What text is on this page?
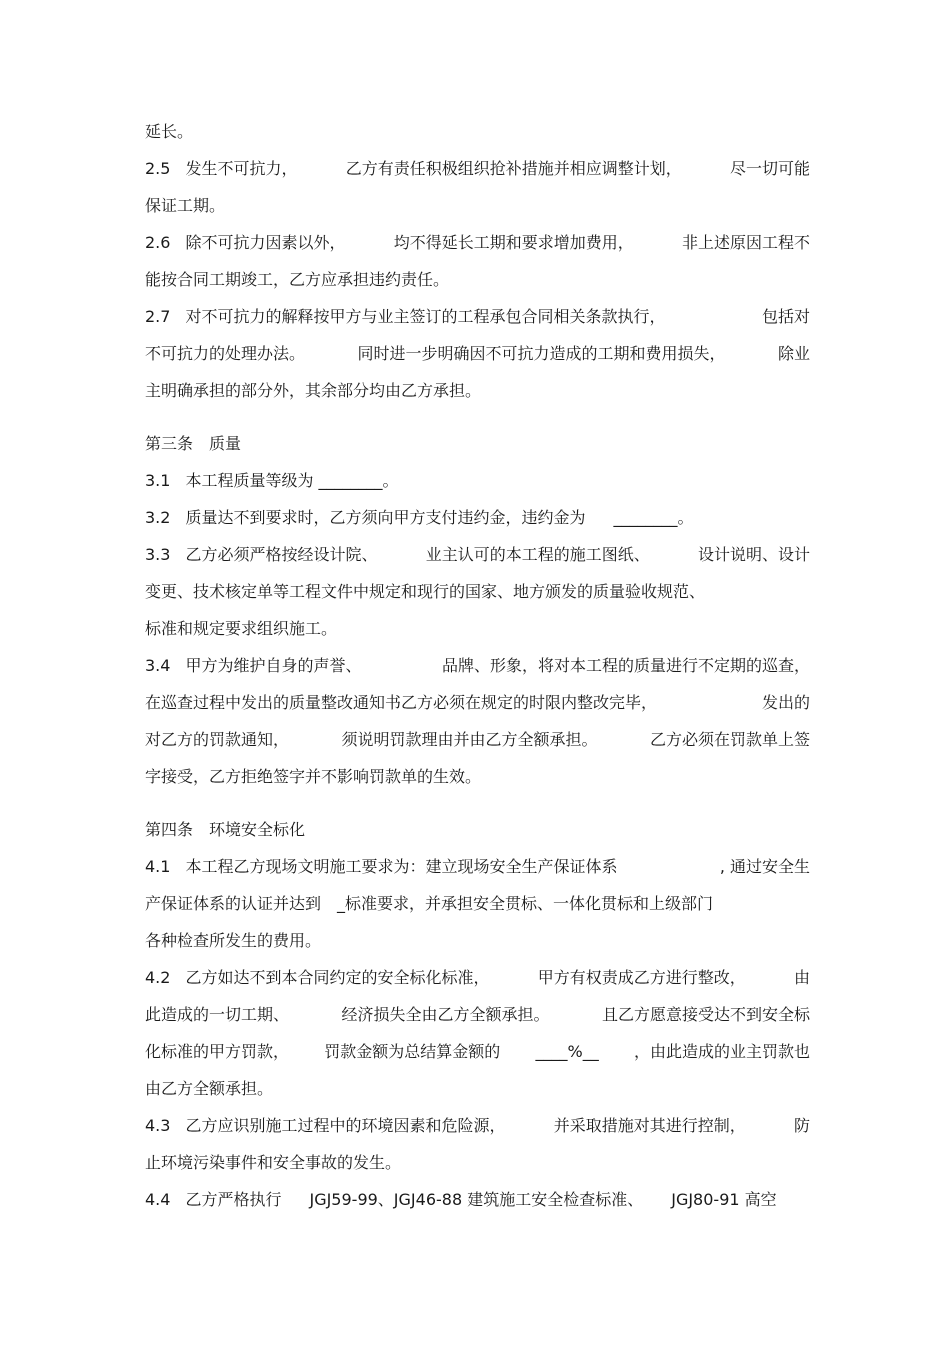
延长。
2.5 发生不可抗力，	乙方有责任积极组织抢补措施并相应调整计划，	尽一切可能
保证工期。
2.6 除不可抗力因素以外，	均不得延长工期和要求增加费用，	非上述原因工程不
能按合同工期竣工，乙方应承担违约责任。
2.7 对不可抗力的解释按甲方与业主签订的工程承包合同相关条款执行，	包括对
不可抗力的处理办法。	同时进一步明确因不可抗力造成的工期和费用损失，	除业
主明确承担的部分外，其余部分均由乙方承担。
第三条　质量
3.1 本工程质量等级为 ________。
3.2 质量达不到要求时，乙方须向甲方支付违约金，违约金为 ________。
3.3 乙方必须严格按经设计院、	业主认可的本工程的施工图纸、	设计说明、设计
变更、技术核定单等工程文件中规定和现行的国家、地方颁发的质量验收规范、
标准和规定要求组织施工。
3.4 甲方为维护自身的声誉、	品牌、形象，将对本工程的质量进行不定期的巡查，
在巡查过程中发出的质量整改通知书乙方必须在规定的时限内整改完毕，	发出的
对乙方的罚款通知，	须说明罚款理由并由乙方全额承担。	乙方必须在罚款单上签
字接受，乙方拒绝签字并不影响罚款单的生效。
第四条　环境安全标化
4.1 本工程乙方现场文明施工要求为：建立现场安全生产保证体系	, 通过安全生
产保证体系的认证并达到　_标准要求，并承担安全贯标、一体化贯标和上级部门
各种检查所发生的费用。
4.2 乙方如达不到本合同约定的安全标化标准，	甲方有权责成乙方进行整改，	由
此造成的一切工期、	经济损失全由乙方全额承担。	且乙方愿意接受达不到安全标
化标准的甲方罚款， 罚款金额为总结算金额的 ____%__ ，由此造成的业主罚款也
由乙方全额承担。
4.3 乙方应识别施工过程中的环境因素和危险源，	并采取措施对其进行控制，	防
止环境污染事件和安全事故的发生。
4.4 乙方严格执行 JGJ59-99、JGJ46-88 建筑施工安全检查标准、 JGJ80-91 高空
